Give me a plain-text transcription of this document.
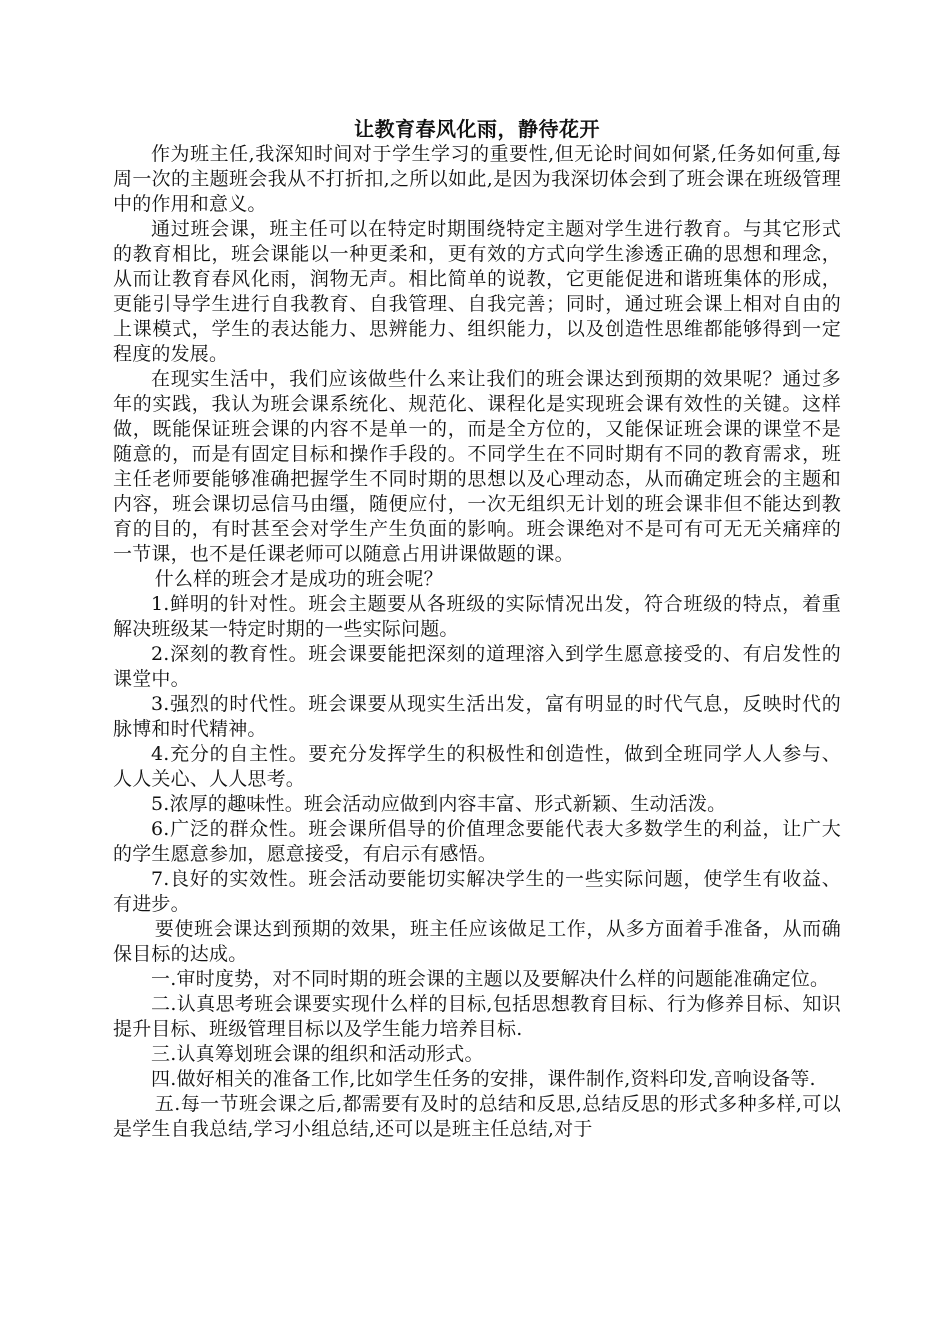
让教育春风化雨，静待花开

作为班主任,我深知时间对于学生学习的重要性,但无论时间如何紧,任务如何重,每周一次的主题班会我从不打折扣,之所以如此,是因为我深切体会到了班会课在班级管理中的作用和意义。

通过班会课，班主任可以在特定时期围绕特定主题对学生进行教育。与其它形式的教育相比，班会课能以一种更柔和，更有效的方式向学生渗透正确的思想和理念，从而让教育春风化雨，润物无声。相比简单的说教，它更能促进和谐班集体的形成，更能引导学生进行自我教育、自我管理、自我完善；同时，通过班会课上相对自由的上课模式，学生的表达能力、思辨能力、组织能力，以及创造性思维都能够得到一定程度的发展。

在现实生活中，我们应该做些什么来让我们的班会课达到预期的效果呢？通过多年的实践，我认为班会课系统化、规范化、课程化是实现班会课有效性的关键。这样做，既能保证班会课的内容不是单一的，而是全方位的，又能保证班会课的课堂不是随意的，而是有固定目标和操作手段的。不同学生在不同时期有不同的教育需求，班主任老师要能够准确把握学生不同时期的思想以及心理动态，从而确定班会的主题和内容，班会课切忌信马由缰，随便应付，一次无组织无计划的班会课非但不能达到教育的目的，有时甚至会对学生产生负面的影响。班会课绝对不是可有可无无关痛痒的一节课，也不是任课老师可以随意占用讲课做题的课。

什么样的班会才是成功的班会呢？

1.鲜明的针对性。班会主题要从各班级的实际情况出发，符合班级的特点，着重解决班级某一特定时期的一些实际问题。

2.深刻的教育性。班会课要能把深刻的道理溶入到学生愿意接受的、有启发性的课堂中。

3.强烈的时代性。班会课要从现实生活出发，富有明显的时代气息，反映时代的脉博和时代精神。

4.充分的自主性。要充分发挥学生的积极性和创造性，做到全班同学人人参与、人人关心、人人思考。

5.浓厚的趣味性。班会活动应做到内容丰富、形式新颖、生动活泼。

6.广泛的群众性。班会课所倡导的价值理念要能代表大多数学生的利益，让广大的学生愿意参加，愿意接受，有启示有感悟。

7.良好的实效性。班会活动要能切实解决学生的一些实际问题，使学生有收益、有进步。

要使班会课达到预期的效果，班主任应该做足工作，从多方面着手准备，从而确保目标的达成。

一.审时度势，对不同时期的班会课的主题以及要解决什么样的问题能准确定位。

二.认真思考班会课要实现什么样的目标,包括思想教育目标、行为修养目标、知识提升目标、班级管理目标以及学生能力培养目标.

三.认真筹划班会课的组织和活动形式。

四.做好相关的准备工作,比如学生任务的安排，课件制作,资料印发,音响设备等.

五.每一节班会课之后,都需要有及时的总结和反思,总结反思的形式多种多样,可以是学生自我总结,学习小组总结,还可以是班主任总结,对于
